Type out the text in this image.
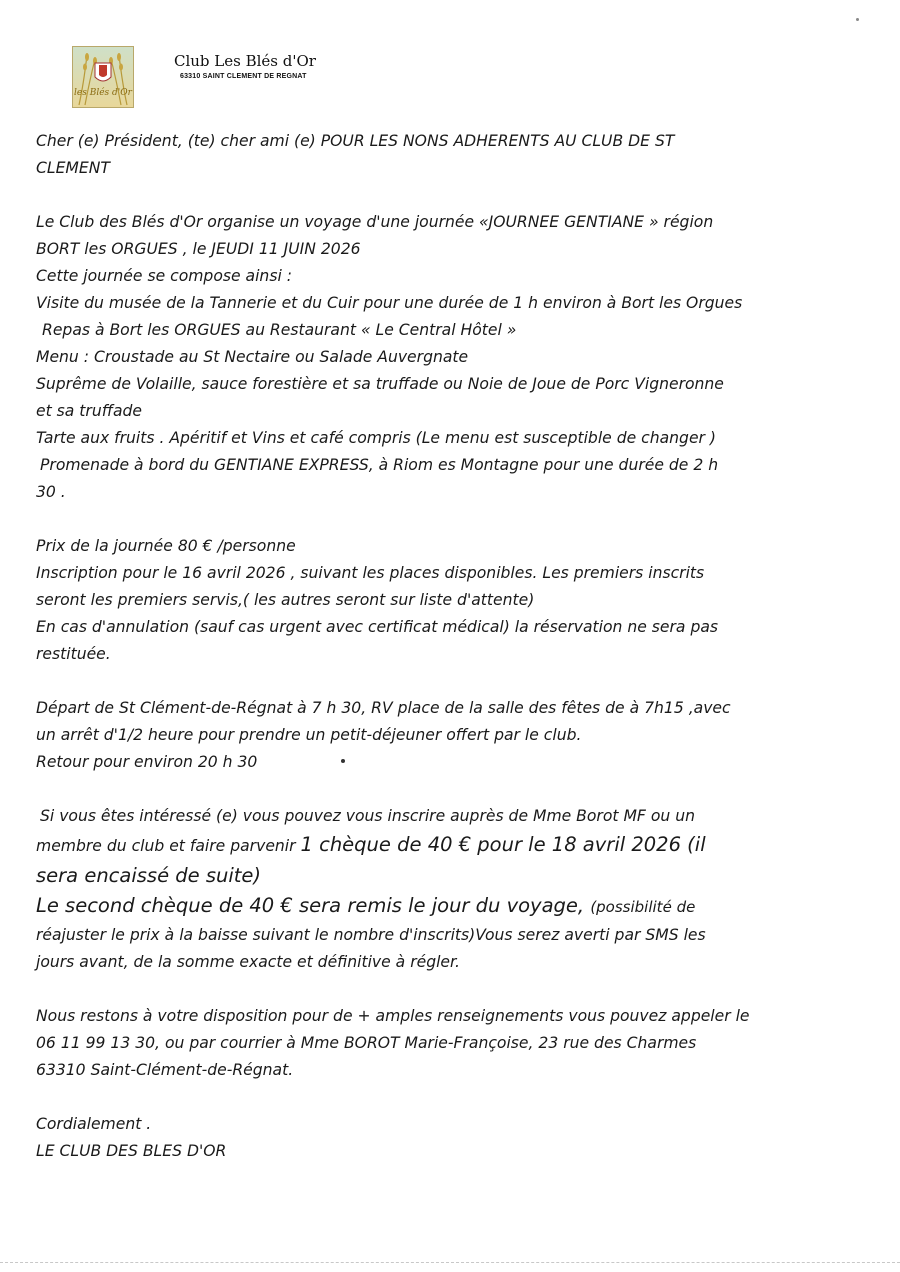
les Blés d'Or
Club Les Blés d'Or
63310 SAINT CLEMENT DE REGNAT

Cher (e) Président, (te) cher ami (e) POUR LES NONS ADHERENTS AU CLUB DE ST

CLEMENT

Le Club des Blés d'Or organise un voyage d'une journée «JOURNEE GENTIANE » région

BORT les ORGUES , le JEUDI 11 JUIN 2026

Cette journée se compose ainsi :

Visite du musée de la Tannerie et du Cuir pour une durée de 1 h environ à Bort les Orgues

Repas à Bort les ORGUES au Restaurant « Le Central Hôtel »

Menu : Croustade au St Nectaire ou Salade Auvergnate

Suprême de Volaille, sauce forestière et sa truffade ou Noie de Joue de Porc Vigneronne

et sa truffade

Tarte aux fruits . Apéritif et Vins et café compris (Le menu est susceptible de changer )

Promenade à bord du GENTIANE EXPRESS, à Riom es Montagne pour une durée de 2 h

30 .

Prix de la journée 80 € /personne

Inscription pour le 16 avril 2026 , suivant les places disponibles. Les premiers inscrits

seront les premiers servis,( les autres seront sur liste d'attente)

En cas d'annulation (sauf cas urgent avec certificat médical) la réservation ne sera pas

restituée.

Départ de St Clément-de-Régnat à 7 h 30, RV place de la salle des fêtes de à 7h15 ,avec

un arrêt d'1/2 heure pour prendre un petit-déjeuner offert par le club.

Retour pour environ 20 h 30

Si vous êtes intéressé (e) vous pouvez vous inscrire auprès de Mme Borot MF ou un

membre du club et faire parvenir 1 chèque de 40 € pour le 18 avril 2026 (il

sera encaissé de suite)

Le second chèque de 40 € sera remis le jour du voyage, (possibilité de

réajuster le prix à la baisse suivant le nombre d'inscrits)Vous serez averti par SMS les

jours avant, de la somme exacte et définitive à régler.

Nous restons à votre disposition pour de + amples renseignements vous pouvez appeler le

06 11 99 13 30, ou par courrier à Mme BOROT Marie-Françoise, 23 rue des Charmes

63310 Saint-Clément-de-Régnat.

Cordialement .

LE CLUB DES BLES D'OR
